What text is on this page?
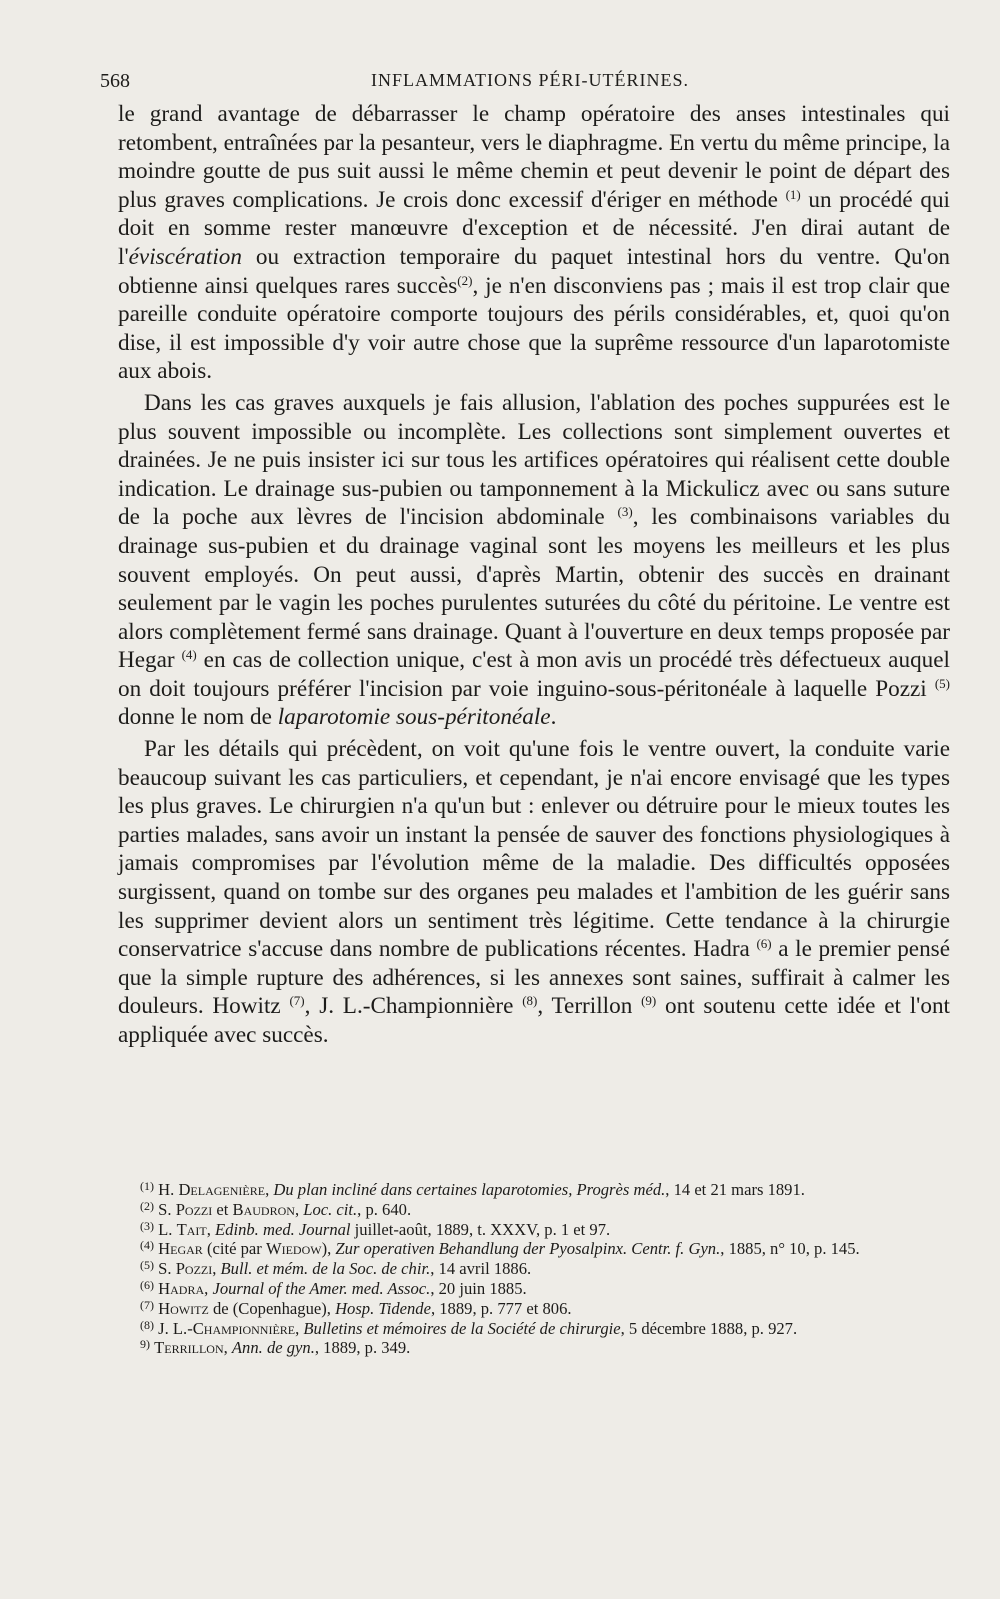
568	INFLAMMATIONS PÉRI-UTÉRINES.

le grand avantage de débarrasser le champ opératoire des anses intestinales qui retombent, entraînées par la pesanteur, vers le diaphragme. En vertu du même principe, la moindre goutte de pus suit aussi le même chemin et peut devenir le point de départ des plus graves complications. Je crois donc excessif d'ériger en méthode $^{(1)}$ un procédé qui doit en somme rester manœuvre d'exception et de nécessité. J'en dirai autant de l'éviscération ou extraction temporaire du paquet intestinal hors du ventre. Qu'on obtienne ainsi quelques rares succès$^{(2)}$, je n'en disconviens pas ; mais il est trop clair que pareille conduite opératoire comporte toujours des périls considérables, et, quoi qu'on dise, il est impossible d'y voir autre chose que la suprême ressource d'un laparotomiste aux abois.

Dans les cas graves auxquels je fais allusion, l'ablation des poches suppurées est le plus souvent impossible ou incomplète. Les collections sont simplement ouvertes et drainées. Je ne puis insister ici sur tous les artifices opératoires qui réalisent cette double indication. Le drainage sus-pubien ou tamponnement à la Mickulicz avec ou sans suture de la poche aux lèvres de l'incision abdominale $^{(3)}$, les combinaisons variables du drainage sus-pubien et du drainage vaginal sont les moyens les meilleurs et les plus souvent employés. On peut aussi, d'après Martin, obtenir des succès en drainant seulement par le vagin les poches purulentes suturées du côté du péritoine. Le ventre est alors complètement fermé sans drainage. Quant à l'ouverture en deux temps proposée par Hegar $^{(4)}$ en cas de collection unique, c'est à mon avis un procédé très défectueux auquel on doit toujours préférer l'incision par voie inguino-sous-péritonéale à laquelle Pozzi $^{(5)}$ donne le nom de laparotomie sous-péritonéale.

Par les détails qui précèdent, on voit qu'une fois le ventre ouvert, la conduite varie beaucoup suivant les cas particuliers, et cependant, je n'ai encore envisagé que les types les plus graves. Le chirurgien n'a qu'un but : enlever ou détruire pour le mieux toutes les parties malades, sans avoir un instant la pensée de sauver des fonctions physiologiques à jamais compromises par l'évolution même de la maladie. Des difficultés opposées surgissent, quand on tombe sur des organes peu malades et l'ambition de les guérir sans les supprimer devient alors un sentiment très légitime. Cette tendance à la chirurgie conservatrice s'accuse dans nombre de publications récentes. Hadra $^{(6)}$ a le premier pensé que la simple rupture des adhérences, si les annexes sont saines, suffirait à calmer les douleurs. Howitz $^{(7)}$, J. L.-Championnière $^{(8)}$, Terrillon $^{(9)}$ ont soutenu cette idée et l'ont appliquée avec succès.

$^{(1)}$ H. Delagenière, Du plan incliné dans certaines laparotomies, Progrès méd., 14 et 21 mars 1891.

$^{(2)}$ S. Pozzi et Baudron, Loc. cit., p. 640.

$^{(3)}$ L. Tait, Edinb. med. Journal juillet-août, 1889, t. XXXV, p. 1 et 97.

$^{(4)}$ Hegar (cité par Wiedow), Zur operativen Behandlung der Pyosalpinx. Centr. f. Gyn., 1885, n° 10, p. 145.

$^{(5)}$ S. Pozzi, Bull. et mém. de la Soc. de chir., 14 avril 1886.

$^{(6)}$ Hadra, Journal of the Amer. med. Assoc., 20 juin 1885.

$^{(7)}$ Howitz de (Copenhague), Hosp. Tidende, 1889, p. 777 et 806.

$^{(8)}$ J. L.-Championnière, Bulletins et mémoires de la Société de chirurgie, 5 décembre 1888, p. 927.

$^{9)}$ Terrillon, Ann. de gyn., 1889, p. 349.
